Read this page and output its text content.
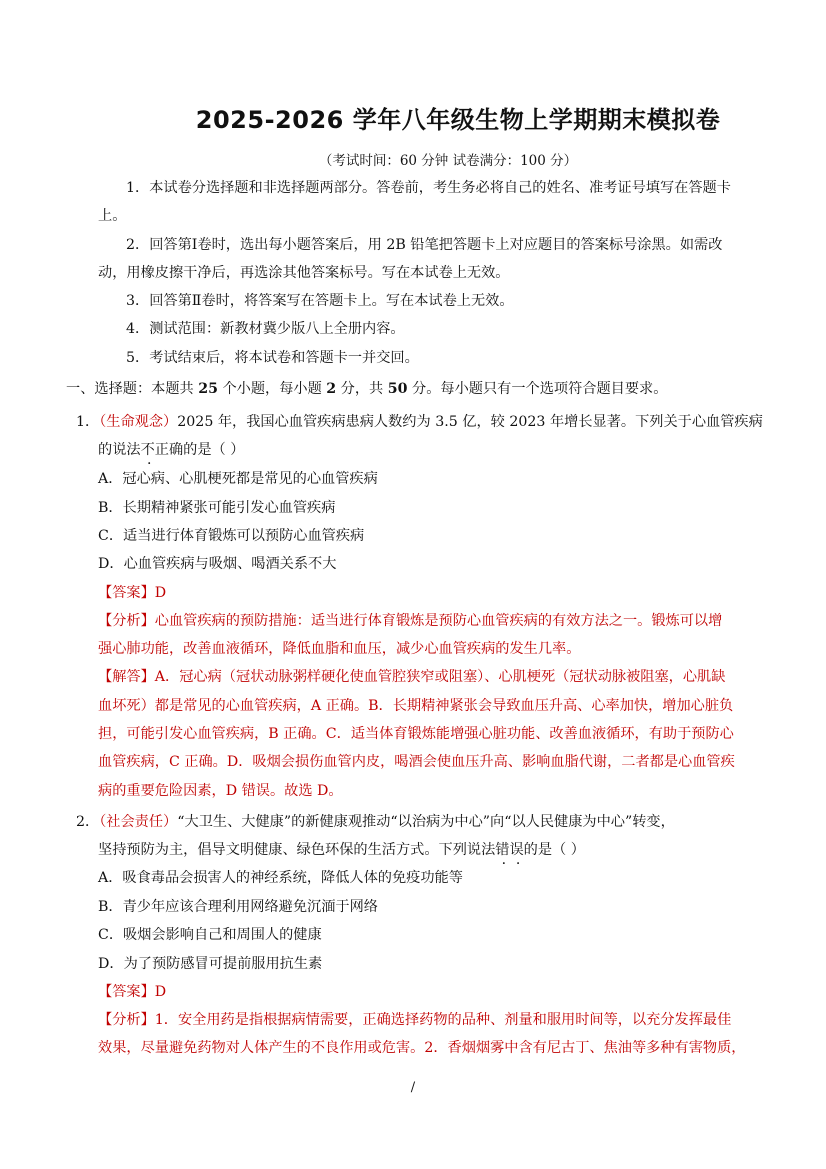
2025-2026 学年八年级生物上学期期末模拟卷
（考试时间：60 分钟 试卷满分：100 分）
1．本试卷分选择题和非选择题两部分。答卷前，考生务必将自己的姓名、准考证号填写在答题卡
上。
2．回答第Ⅰ卷时，选出每小题答案后，用 2B 铅笔把答题卡上对应题目的答案标号涂黑。如需改
动，用橡皮擦干净后，再选涂其他答案标号。写在本试卷上无效。
3．回答第Ⅱ卷时，将答案写在答题卡上。写在本试卷上无效。
4．测试范围：新教材冀少版八上全册内容。
5．考试结束后，将本试卷和答题卡一并交回。
一、选择题：本题共 25 个小题，每小题 2 分，共 50 分。每小题只有一个选项符合题目要求。
1．（生命观念）2025 年，我国心血管疾病患病人数约为 3.5 亿，较 2023 年增长显著。下列关于心血管疾病
的说法不正确的是（ ）
A．冠心病、心肌梗死都是常见的心血管疾病
B．长期精神紧张可能引发心血管疾病
C．适当进行体育锻炼可以预防心血管疾病
D．心血管疾病与吸烟、喝酒关系不大
【答案】D
【分析】心血管疾病的预防措施：适当进行体育锻炼是预防心血管疾病的有效方法之一。锻炼可以增
强心肺功能，改善血液循环，降低血脂和血压，减少心血管疾病的发生几率。
【解答】A．冠心病（冠状动脉粥样硬化使血管腔狭窄或阻塞）、心肌梗死（冠状动脉被阻塞，心肌缺
血坏死）都是常见的心血管疾病，A 正确。B．长期精神紧张会导致血压升高、心率加快，增加心脏负
担，可能引发心血管疾病，B 正确。C．适当体育锻炼能增强心脏功能、改善血液循环，有助于预防心
血管疾病，C 正确。D．吸烟会损伤血管内皮，喝酒会使血压升高、影响血脂代谢，二者都是心血管疾
病的重要危险因素，D 错误。故选 D。
2．（社会责任）“大卫生、大健康”的新健康观推动“以治病为中心”向“以人民健康为中心”转变，
坚持预防为主，倡导文明健康、绿色环保的生活方式。下列说法错误的是（ ）
A．吸食毒品会损害人的神经系统，降低人体的免疫功能等
B．青少年应该合理利用网络避免沉湎于网络
C．吸烟会影响自己和周围人的健康
D．为了预防感冒可提前服用抗生素
【答案】D
【分析】1．安全用药是指根据病情需要，正确选择药物的品种、剂量和服用时间等，以充分发挥最佳
效果，尽量避免药物对人体产生的不良作用或危害。2．香烟烟雾中含有尼古丁、焦油等多种有害物质，
/
